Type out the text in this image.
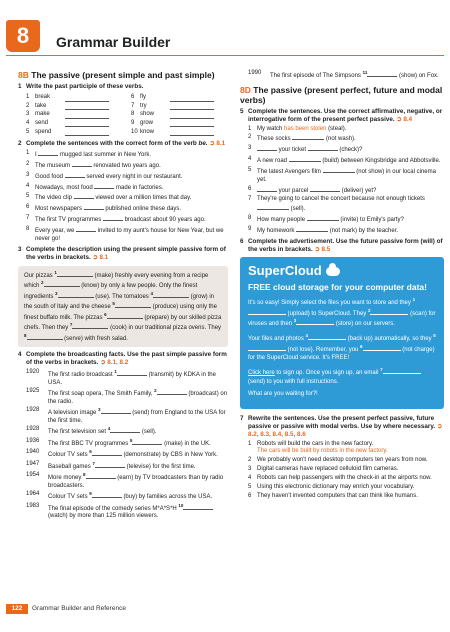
8	Grammar Builder
8B The passive (present simple and past simple)
1 Write the past participle of these verbs.
1 break	6 fly
2 take	7 try
3 make	8 show
4 send	9 grow
5 spend	10 know
2 Complete the sentences with the correct form of the verb be. ➲ 8.1
1 I	mugged last summer in New York.
2 The museum	renovated two years ago.
3 Good food	served every night in our restaurant.
4 Nowadays, most food	made in factories.
5 The video clip	viewed over a million times that day.
6 Most newspapers	published online these days.
7 The first TV programmes	broadcast about 90 years ago.
8 Every year, we	invited to my aunt's house for New Year, but we never go!
3 Complete the description using the present simple passive form of the verbs in brackets. ➲ 8.1
Our pizzas $^1$ (make) freshly every evening from a recipe which $^2$ (know) by only a few people. Only the finest ingredients $^3$ (use). The tomatoes $^4$ (grow) in the south of Italy and the cheese $^5$ (produce) using only the finest buffalo milk. The pizzas $^6$ (prepare) by our skilled pizza chefs. Then they $^7$ (cook) in our traditional pizza ovens. They $^8$ (serve) with fresh salad.
4 Complete the broadcasting facts. Use the past simple passive form of the verbs in brackets. ➲ 8.1, 8.2
1920	The first radio broadcast $^1$ (transmit) by KDKA in the USA.
1925	The first soap opera, The Smith Family, $^2$ (broadcast) on the radio.
1928	A television image $^3$ (send) from England to the USA for the first time.
1928	The first television set $^4$ (sell).
1936	The first BBC TV programmes $^5$ (make) in the UK.
1940	Colour TV sets $^6$ (demonstrate) by CBS in New York.
1947	Baseball games $^7$ (televise) for the first time.
1954	More money $^8$ (earn) by TV broadcasters than by radio broadcasters.
1964	Colour TV sets $^9$ (buy) by families across the USA.
1983	The final episode of the comedy series M*A*S*H $^{10}$ (watch) by more than 125 million viewers.
1990	The first episode of The Simpsons $^{11}$ (show) on Fox.
8D The passive (present perfect, future and modal verbs)
5 Complete the sentences. Use the correct affirmative, negative, or interrogative form of the present perfect passive. ➲ 8.4
1 My watch has been stolen (steal).
2 These socks	(not wash).
3	your ticket	(check)?
4 A new road	(build) between Kingsbridge and Abbotsville.
5 The latest Avengers film	(not show) in our local cinema yet.
6	your parcel	(deliver) yet?
7 They're going to cancel the concert because not enough tickets  (sell).
8 How many people	(invite) to Emily's party?
9 My homework	(not mark) by the teacher.
6 Complete the advertisement. Use the future passive form (will) of the verbs in brackets. ➲ 8.5
SuperCloud
FREE cloud storage for your computer data!

It's so easy! Simply select the files you want to store and they $^1$ (upload) to SuperCloud. They $^2$ (scan) for viruses and then $^3$ (store) on our servers.

Your files and photos $^4$ (back up) automatically, so they $^5$ (not lose). Remember, you $^6$ (not charge) for the SuperCloud service. It's FREE!

Click here to sign up. Once you sign up, an email $^7$ (send) to you with full instructions.

What are you waiting for?!

7 Rewrite the sentences. Use the present perfect passive, future passive or passive with modal verbs. Use by where necessary. ➲ 8.2, 8.3, 8.4, 8.5, 8.6
1 Robots will build the cars in the new factory.
The cars will be built by robots in the new factory.
2 We probably won't need desktop computers ten years from now.
3 Digital cameras have replaced celluloid film cameras.
4 Robots can help passengers with the check-in at the airports now.
5 Using this electronic dictionary may enrich your vocabulary.
6 They haven't invented computers that can think like humans.
122	Grammar Builder and Reference
